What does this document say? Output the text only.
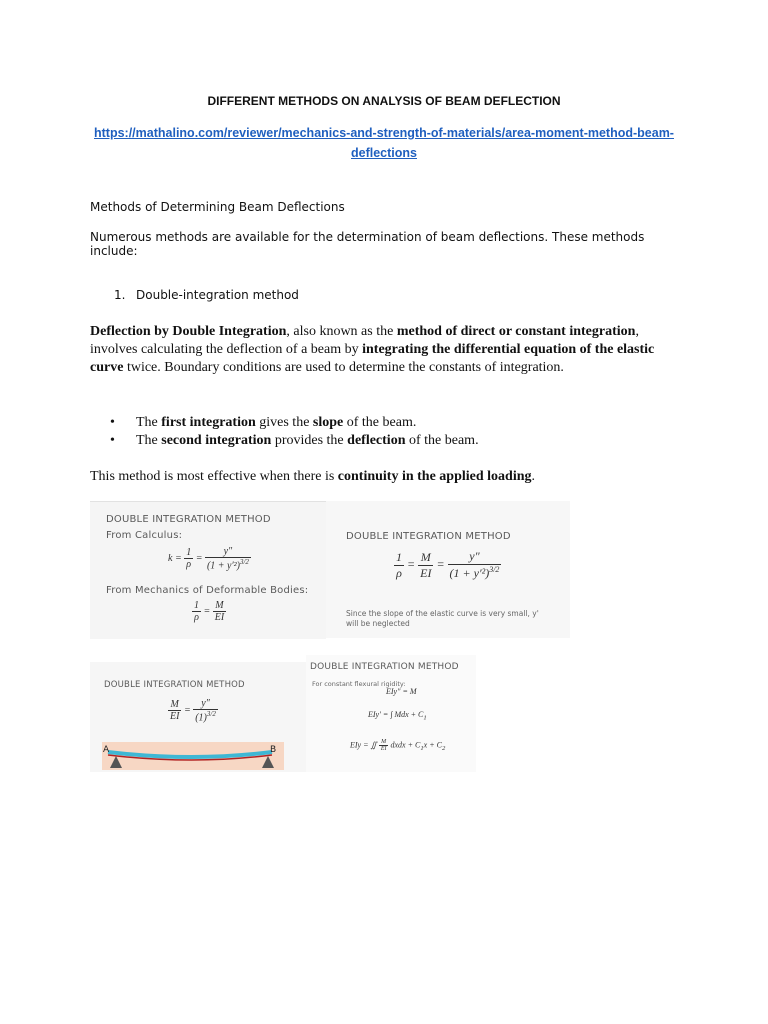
DIFFERENT METHODS ON ANALYSIS OF BEAM DEFLECTION
https://mathalino.com/reviewer/mechanics-and-strength-of-materials/area-moment-method-beam-
deflections
Methods of Determining Beam Deflections
Numerous methods are available for the determination of beam deflections. These methods include:
1. Double-integration method
Deflection by Double Integration, also known as the method of direct or constant integration, involves calculating the deflection of a beam by integrating the differential equation of the elastic curve twice. Boundary conditions are used to determine the constants of integration.
• The first integration gives the slope of the beam.
• The second integration provides the deflection of the beam.
This method is most effective when there is continuity in the applied loading.
DOUBLE INTEGRATION METHOD
From Calculus:
$k = \frac{1}{\rho} = \frac{y"}{(1 + y'^2)^{3/2}}$
From Mechanics of Deformable Bodies:
$\frac{1}{\rho} = \frac{M}{EI}$
DOUBLE INTEGRATION METHOD
$\frac{1}{\rho} = \frac{M}{EI} = \frac{y"}{(1 + y'^2)^{3/2}}$
Since the slope of the elastic curve is very small, y'
will be neglected
DOUBLE INTEGRATION METHOD
$\frac{M}{EI} = \frac{y"}{(1)^{3/2}}$
A	B
DOUBLE INTEGRATION METHOD
For constant flexural rigidity:
EIy" = M
EIy′ = ∫ Mdx + $C_1$
EIy = ∬ $\frac{M}{EI}$ dxdx + $C_1x + C_2$
